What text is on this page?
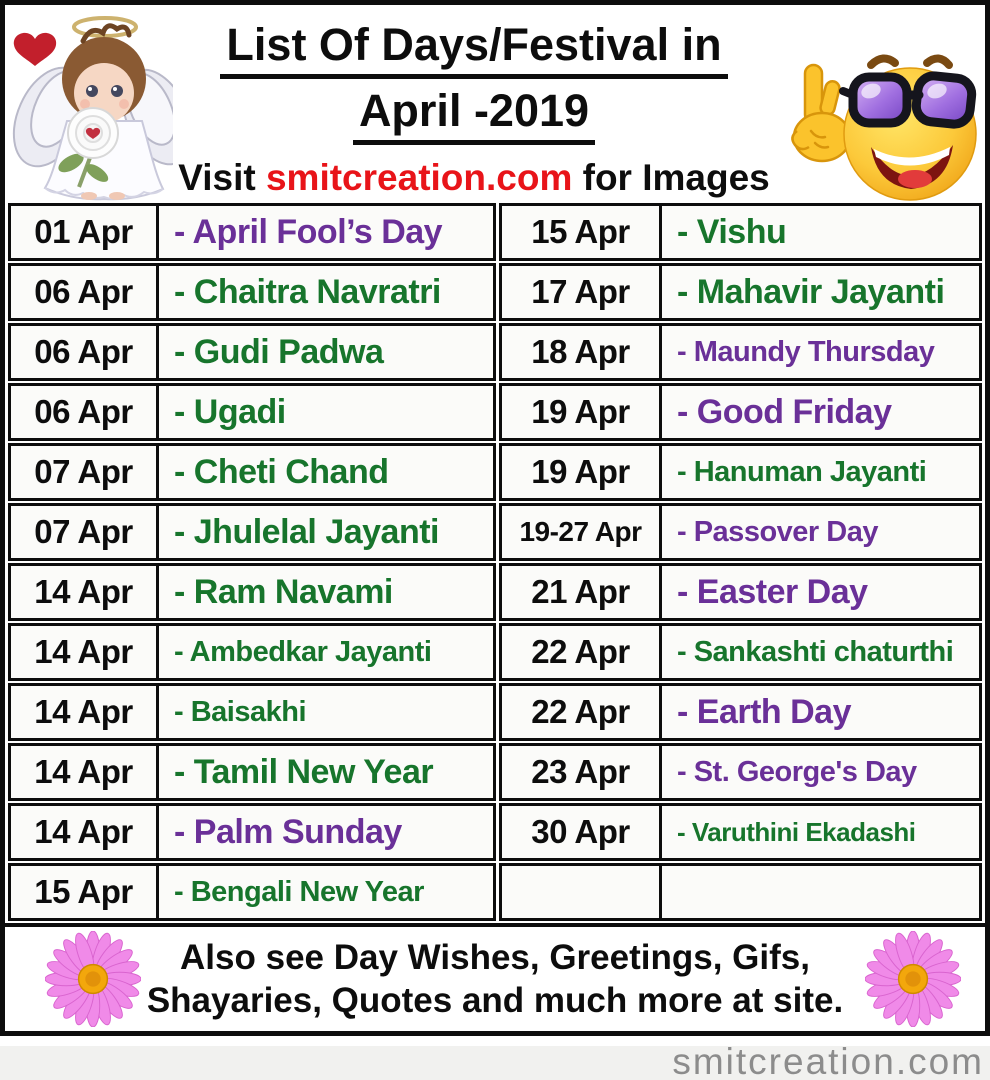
List Of Days/Festival in
April -2019
Visit smitcreation.com for Images
01 Apr	- April Fool’s Day	15 Apr	- Vishu
06 Apr	- Chaitra Navratri	17 Apr	- Mahavir Jayanti
06 Apr	- Gudi Padwa	18 Apr	- Maundy Thursday
06 Apr	- Ugadi	19 Apr	- Good Friday
07 Apr	- Cheti Chand	19 Apr	- Hanuman Jayanti
07 Apr	- Jhulelal Jayanti	19-27 Apr	- Passover Day
14 Apr	- Ram Navami	21 Apr	- Easter Day
14 Apr	- Ambedkar Jayanti	22 Apr	- Sankashti chaturthi
14 Apr	- Baisakhi	22 Apr	- Earth Day
14 Apr	- Tamil New Year	23 Apr	- St. George's Day
14 Apr	- Palm Sunday	30 Apr	- Varuthini Ekadashi
15 Apr	- Bengali New Year
Also see Day Wishes, Greetings, Gifs,
Shayaries, Quotes and much more at site.
smitcreation.com
